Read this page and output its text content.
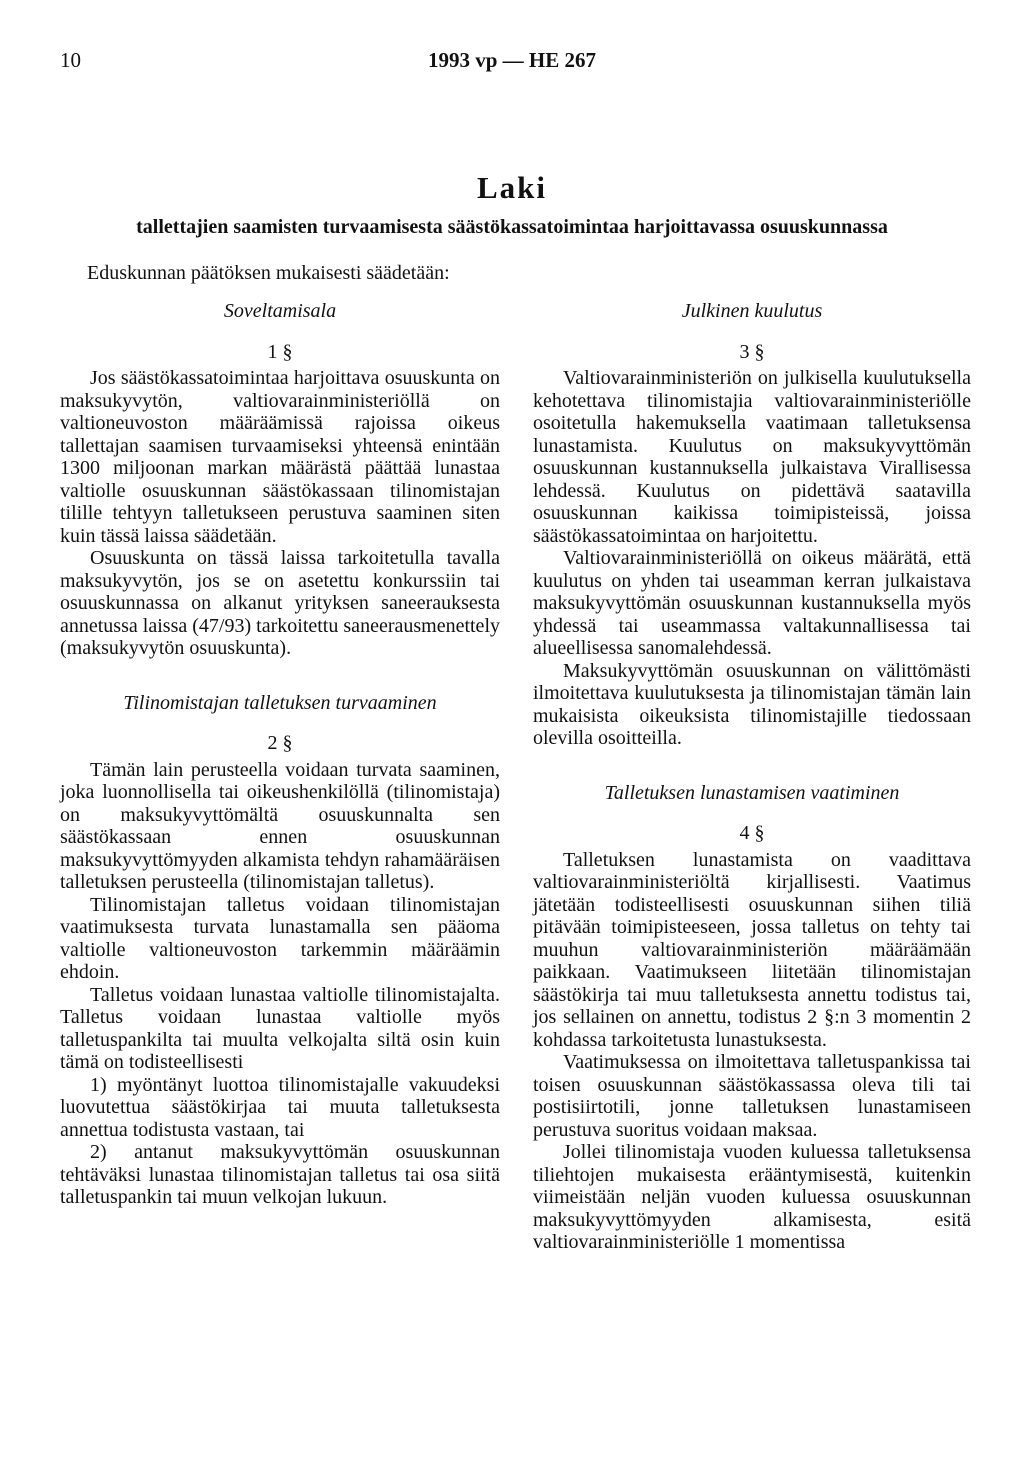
10	1993 vp — HE 267
Laki
tallettajien saamisten turvaamisesta säästökassatoimintaa harjoittavassa osuuskunnassa
Eduskunnan päätöksen mukaisesti säädetään:
Soveltamisala
1 §

Jos säästökassatoimintaa harjoittava osuuskunta on maksukyvytön, valtiovarainministeriöllä on valtioneuvoston määräämissä rajoissa oikeus tallettajan saamisen turvaamiseksi yhteensä enintään 1300 miljoonan markan määrästä päättää lunastaa valtiolle osuuskunnan säästökassaan tilinomistajan tilille tehtyyn talletukseen perustuva saaminen siten kuin tässä laissa säädetään.

Osuuskunta on tässä laissa tarkoitetulla tavalla maksukyvytön, jos se on asetettu konkurssiin tai osuuskunnassa on alkanut yrityksen saneerauksesta annetussa laissa (47/93) tarkoitettu saneerausmenettely (maksukyvytön osuuskunta).

Tilinomistajan talletuksen turvaaminen
2 §

Tämän lain perusteella voidaan turvata saaminen, joka luonnollisella tai oikeushenkilöllä (tilinomistaja) on maksukyvyttömältä osuuskunnalta sen säästökassaan ennen osuuskunnan maksukyvyttömyyden alkamista tehdyn rahamääräisen talletuksen perusteella (tilinomistajan talletus).

Tilinomistajan talletus voidaan tilinomistajan vaatimuksesta turvata lunastamalla sen pääoma valtiolle valtioneuvoston tarkemmin määräämin ehdoin.

Talletus voidaan lunastaa valtiolle tilinomistajalta. Talletus voidaan lunastaa valtiolle myös talletuspankilta tai muulta velkojalta siltä osin kuin tämä on todisteellisesti

1) myöntänyt luottoa tilinomistajalle vakuudeksi luovutettua säästökirjaa tai muuta talletuksesta annettua todistusta vastaan, tai

2) antanut maksukyvyttömän osuuskunnan tehtäväksi lunastaa tilinomistajan talletus tai osa siitä talletuspankin tai muun velkojan lukuun.

Julkinen kuulutus
3 §

Valtiovarainministeriön on julkisella kuulutuksella kehotettava tilinomistajia valtiovarainministeriölle osoitetulla hakemuksella vaatimaan talletuksensa lunastamista. Kuulutus on maksukyvyttömän osuuskunnan kustannuksella julkaistava Virallisessa lehdessä. Kuulutus on pidettävä saatavilla osuuskunnan kaikissa toimipisteissä, joissa säästökassatoimintaa on harjoitettu.

Valtiovarainministeriöllä on oikeus määrätä, että kuulutus on yhden tai useamman kerran julkaistava maksukyvyttömän osuuskunnan kustannuksella myös yhdessä tai useammassa valtakunnallisessa tai alueellisessa sanomalehdessä.

Maksukyvyttömän osuuskunnan on välittömästi ilmoitettava kuulutuksesta ja tilinomistajan tämän lain mukaisista oikeuksista tilinomistajille tiedossaan olevilla osoitteilla.

Talletuksen lunastamisen vaatiminen
4 §

Talletuksen lunastamista on vaadittava valtiovarainministeriöltä kirjallisesti. Vaatimus jätetään todisteellisesti osuuskunnan siihen tiliä pitävään toimipisteeseen, jossa talletus on tehty tai muuhun valtiovarainministeriön määräämään paikkaan. Vaatimukseen liitetään tilinomistajan säästökirja tai muu talletuksesta annettu todistus tai, jos sellainen on annettu, todistus 2 §:n 3 momentin 2 kohdassa tarkoitetusta lunastuksesta.

Vaatimuksessa on ilmoitettava talletuspankissa tai toisen osuuskunnan säästökassassa oleva tili tai postisiirtotili, jonne talletuksen lunastamiseen perustuva suoritus voidaan maksaa.

Jollei tilinomistaja vuoden kuluessa talletuksensa tiliehtojen mukaisesta erääntymisestä, kuitenkin viimeistään neljän vuoden kuluessa osuuskunnan maksukyvyttömyyden alkamisesta, esitä valtiovarainministeriölle 1 momentissa
